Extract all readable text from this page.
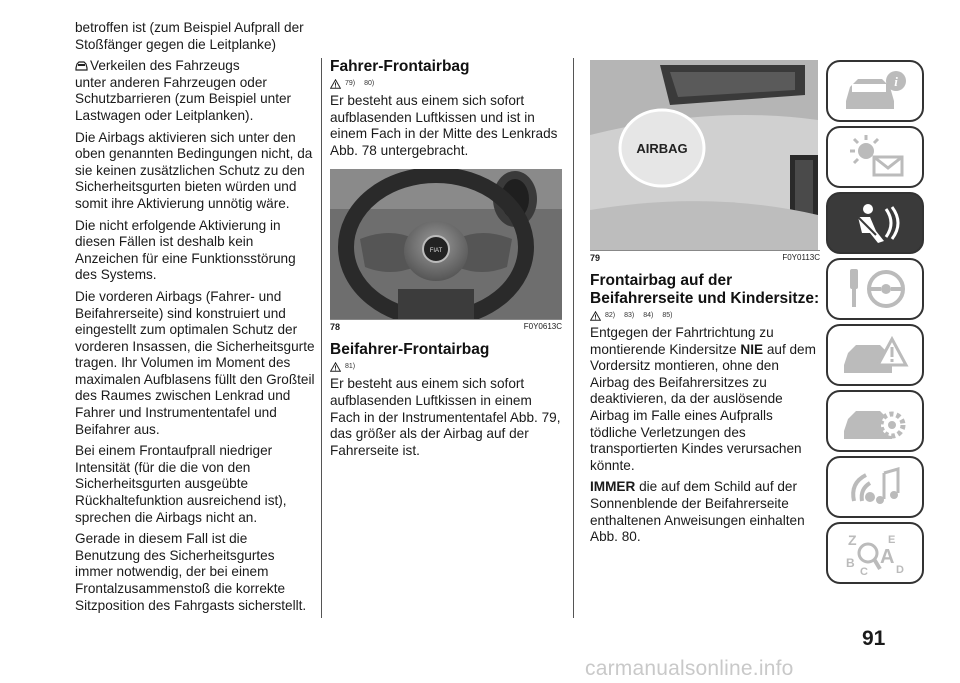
betroffen ist (zum Beispiel Aufprall der Stoßfänger gegen die Leitplanke)

Verkeilen des Fahrzeugs
unter anderen Fahrzeugen oder Schutzbarrieren (zum Beispiel unter Lastwagen oder Leitplanken).

Die Airbags aktivieren sich unter den oben genannten Bedingungen nicht, da sie keinen zusätzlichen Schutz zu den Sicherheitsgurten bieten würden und somit ihre Aktivierung unnötig wäre.

Die nicht erfolgende Aktivierung in diesen Fällen ist deshalb kein Anzeichen für eine Funktionsstörung des Systems.

Die vorderen Airbags (Fahrer- und Beifahrerseite) sind konstruiert und eingestellt zum optimalen Schutz der vorderen Insassen, die Sicherheitsgurte tragen. Ihr Volumen im Moment des maximalen Aufblasens füllt den Großteil des Raumes zwischen Lenkrad und Fahrer und Instrumententafel und Beifahrer aus.

Bei einem Frontaufprall niedriger Intensität (für die die von den Sicherheitsgurten ausgeübte Rückhaltefunktion ausreichend ist), sprechen die Airbags nicht an.

Gerade in diesem Fall ist die Benutzung des Sicherheitsgurtes immer notwendig, der bei einem Frontalzusammenstoß die korrekte Sitzposition des Fahrgasts sicherstellt.

Fahrer-Frontairbag
79) 80)

Er besteht aus einem sich sofort aufblasenden Luftkissen und ist in einem Fach in der Mitte des Lenkrads Abb. 78 untergebracht.

FIAT
78	F0Y0613C
Beifahrer-Frontairbag
81)

Er besteht aus einem sich sofort aufblasenden Luftkissen in einem Fach in der Instrumententafel Abb. 79, das größer als der Airbag auf der Fahrerseite ist.

AIRBAG
79	F0Y0113C
Frontairbag auf der Beifahrerseite und Kindersitze:
82) 83) 84) 85)

Entgegen der Fahrtrichtung zu montierende Kindersitze NIE auf dem Vordersitz montieren, ohne den Airbag des Beifahrersitzes zu deaktivieren, da der auslösende Airbag im Falle eines Aufpralls tödliche Verletzungen des transportierten Kindes verursachen könnte.

IMMER die auf dem Schild auf der Sonnenblende der Beifahrerseite enthaltenen Anweisungen einhalten Abb. 80.

i
Z	E
B A
C	D
91
carmanualsonline.info
